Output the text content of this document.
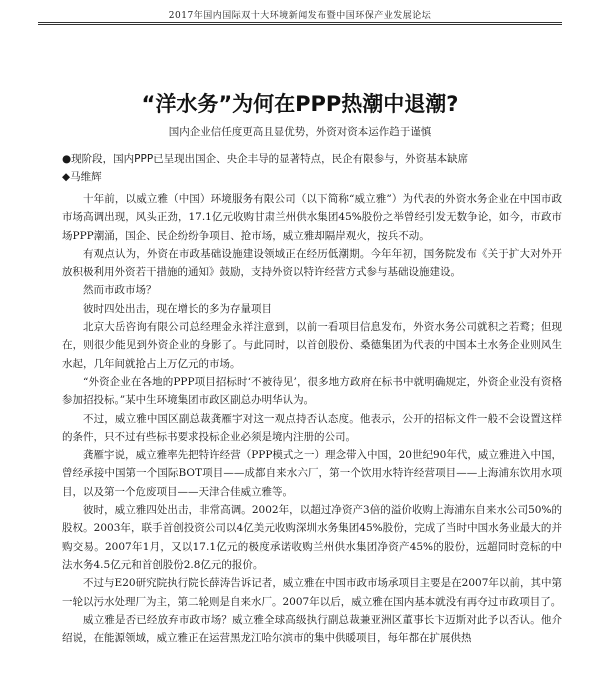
2017年国内国际双十大环境新闻发布暨中国环保产业发展论坛
“洋水务”为何在PPP热潮中退潮?
国内企业信任度更高且显优势，外资对资本运作趋于谨慎
●现阶段，国内PPP已呈现出国企、央企丰导的显著特点，民企有限参与，外资基本缺席
◆马维辉

十年前，以威立雅（中国）环境服务有限公司（以下简称“威立雅”）为代表的外资水务企业在中国市政市场高调出现，风头正劲，17.1亿元收购甘肃兰州供水集团45%股份之举曾经引发无数争论，如今，市政市场PPP潮涌，国企、民企纷纷争项目、抢市场，威立雅却隔岸观火，按兵不动。

有观点认为，外资在市政基础设施建设领域正在经历低潮期。今年年初，国务院发布《关于扩大对外开放积极利用外资若干措施的通知》鼓励，支持外资以特许经营方式参与基础设施建设。

然而市政市场？

彼时四处出击，现在增长的多为存量项目

北京大岳咨询有限公司总经理金永祥注意到，以前一看项目信息发布，外资水务公司就积之若鹜；但现在，则很少能见到外资企业的身影了。与此同时，以首创股份、桑德集团为代表的中国本土水务企业则风生水起，几年间就抢占上万亿元的市场。

“外资企业在各地的PPP项目招标时‘不被待见’，很多地方政府在标书中就明确规定，外资企业没有资格参加招投标。”某中生环境集团市政区副总办明华认为。

不过，威立雅中国区副总裁龚雁宇对这一观点持否认态度。他表示，公开的招标文件一般不会设置这样的条件，只不过有些标书要求投标企业必须是境内注册的公司。

龚雁宇说，威立雅率先把特许经营（PPP模式之一）理念带入中国，20世纪90年代，威立雅进入中国，曾经承接中国第一个国际BOT项目——成都自来水六厂，第一个饮用水特许经营项目——上海浦东饮用水项目，以及第一个危废项目——天津合佳威立雅等。

彼时，威立雅四处出击，非常高调。2002年，以超过净资产3倍的溢价收购上海浦东自来水公司50%的股权。2003年，联手首创投资公司以4亿美元收购深圳水务集团45%股份，完成了当时中国水务业最大的并购交易。2007年1月，又以17.1亿元的极度承诺收购兰州供水集团净资产45%的股份，远超同时竞标的中法水务4.5亿元和首创股份2.8亿元的报价。

不过与E20研究院执行院长薛涛告诉记者，威立雅在中国市政市场承项目主要是在2007年以前，其中第一轮以污水处理厂为主，第二轮则是自来水厂。2007年以后，威立雅在国内基本就没有再夺过市政项目了。

威立雅是否已经放弃市政市场？威立雅全球高级执行副总裁兼亚洲区董事长卞迈斯对此予以否认。他介绍说，在能源领域，威立雅正在运营黑龙江哈尔滨市的集中供暖项目，每年都在扩展供热
